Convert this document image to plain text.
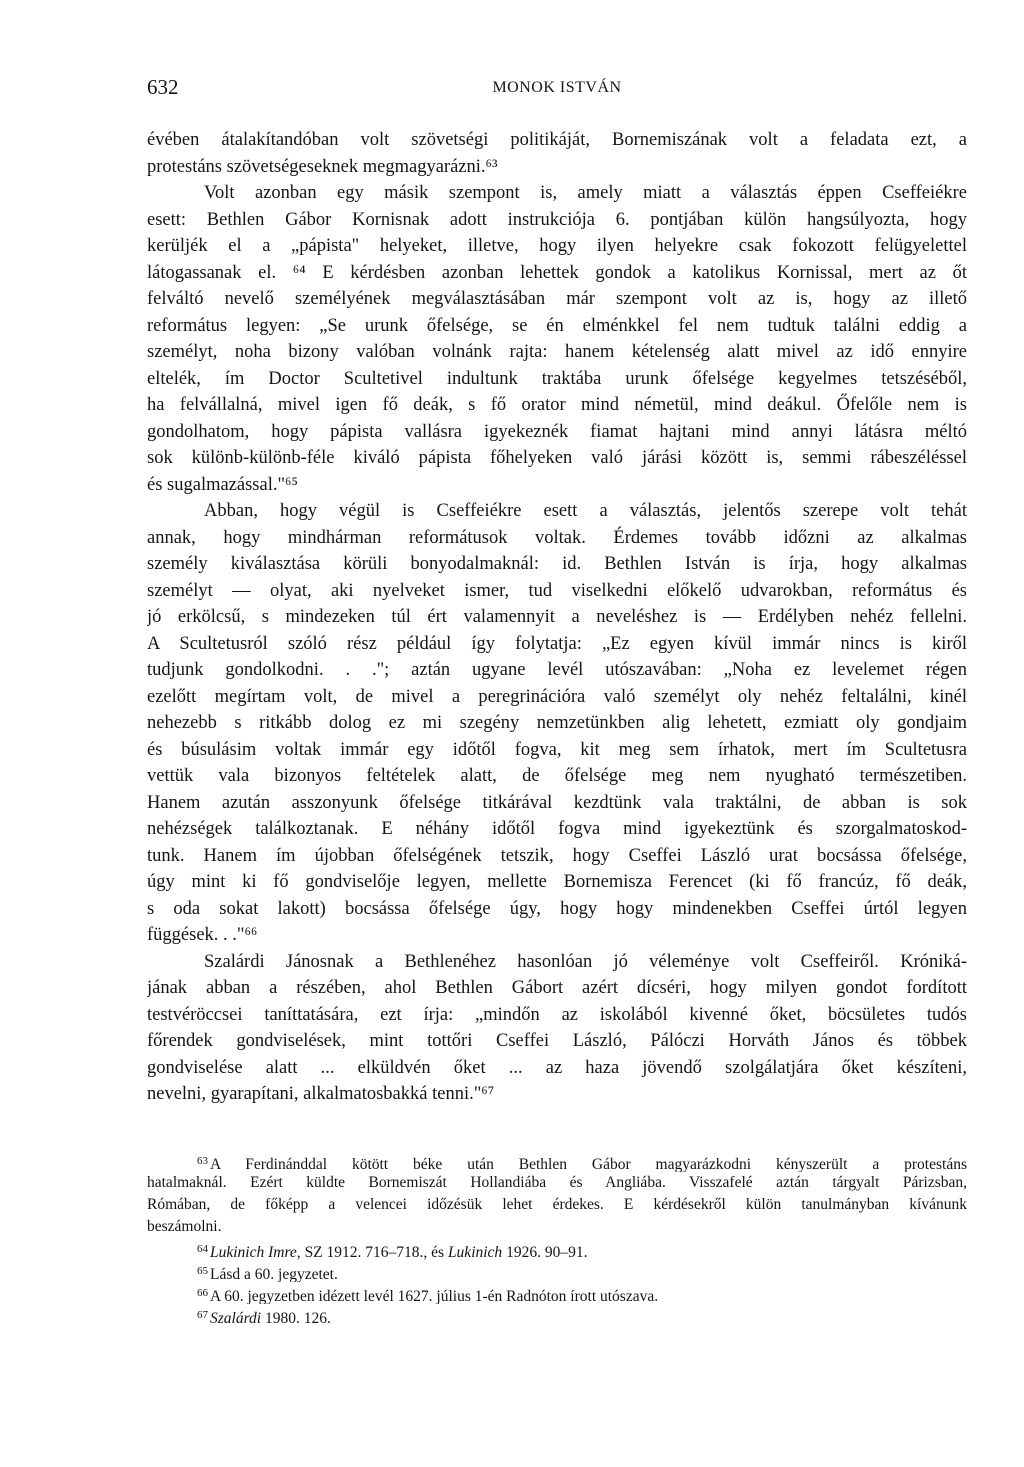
632	MONOK ISTVÁN
évében átalakítandóban volt szövetségi politikáját, Bornemiszának volt a feladata ezt, a
protestáns szövetségeseknek megmagyarázni.⁶³
Volt azonban egy másik szempont is, amely miatt a választás éppen Cseffeiékre
esett: Bethlen Gábor Kornisnak adott instrukciója 6. pontjában külön hangsúlyozta, hogy
kerüljék el a „pápista" helyeket, illetve, hogy ilyen helyekre csak fokozott felügyelettel
látogassanak el. ⁶⁴ E kérdésben azonban lehettek gondok a katolikus Kornissal, mert az őt
felváltó nevelő személyének megválasztásában már szempont volt az is, hogy az illető
református legyen: „Se urunk őfelsége, se én elménkkel fel nem tudtuk találni eddig a
személyt, noha bizony valóban volnánk rajta: hanem kételenség alatt mivel az idő ennyire
eltelék, ím Doctor Scultetivel indultunk traktába urunk őfelsége kegyelmes tetszéséből,
ha felvállalná, mivel igen fő deák, s fő orator mind németül, mind deákul. Őfelőle nem is
gondolhatom, hogy pápista vallásra igyekeznék fiamat hajtani mind annyi látásra méltó
sok különb-különb-féle kiváló pápista főhelyeken való járási között is, semmi rábeszéléssel
és sugalmazással."⁶⁵
Abban, hogy végül is Cseffeiékre esett a választás, jelentős szerepe volt tehát
annak, hogy mindhárman reformátusok voltak. Érdemes tovább időzni az alkalmas
személy kiválasztása körüli bonyodalmaknál: id. Bethlen István is írja, hogy alkalmas
személyt — olyat, aki nyelveket ismer, tud viselkedni előkelő udvarokban, református és
jó erkölcsű, s mindezeken túl ért valamennyit a neveléshez is — Erdélyben nehéz fellelni.
A Scultetusról szóló rész például így folytatja: „Ez egyen kívül immár nincs is kiről
tudjunk gondolkodni. . ."; aztán ugyane levél utószavában: „Noha ez levelemet régen
ezelőtt megírtam volt, de mivel a peregrinációra való személyt oly nehéz feltalálni, kinél
nehezebb s ritkább dolog ez mi szegény nemzetünkben alig lehetett, ezmiatt oly gondjaim
és búsulásim voltak immár egy időtől fogva, kit meg sem írhatok, mert ím Scultetusra
vettük vala bizonyos feltételek alatt, de őfelsége meg nem nyugható természetiben.
Hanem azután asszonyunk őfelsége titkárával kezdtünk vala traktálni, de abban is sok
nehézségek találkoztanak. E néhány időtől fogva mind igyekeztünk és szorgalmatoskod-
tunk. Hanem ím újobban őfelségének tetszik, hogy Cseffei László urat bocsássa őfelsége,
úgy mint ki fő gondviselője legyen, mellette Bornemisza Ferencet (ki fő francúz, fő deák,
s oda sokat lakott) bocsássa őfelsége úgy, hogy hogy mindenekben Cseffei úrtól legyen
függések. . ."⁶⁶
Szalárdi Jánosnak a Bethlenéhez hasonlóan jó véleménye volt Cseffeiről. Króniká-
jának abban a részében, ahol Bethlen Gábort azért dícséri, hogy milyen gondot fordított
testvéröccsei taníttatására, ezt írja: „mindőn az iskolából kivenné őket, böcsületes tudós
főrendek gondviselések, mint tottőri Cseffei László, Pálóczi Horváth János és többek
gondviselése alatt ... elküldvén őket ... az haza jövendő szolgálatjára őket készíteni,
nevelni, gyarapítani, alkalmatosbakká tenni."⁶⁷
$^{63}$ A Ferdinánddal kötött béke után Bethlen Gábor magyarázkodni kényszerült a protestáns
hatalmaknál. Ezért küldte Bornemiszát Hollandiába és Angliába. Visszafelé aztán tárgyalt Párizsban,
Rómában, de főképp a velencei időzésük lehet érdekes. E kérdésekről külön tanulmányban kívánunk
beszámolni.
$^{64}$ Lukinich Imre, SZ 1912. 716–718., és Lukinich 1926. 90–91.
$^{65}$ Lásd a 60. jegyzetet.
$^{66}$ A 60. jegyzetben idézett levél 1627. július 1-én Radnóton írott utószava.
$^{67}$ Szalárdi 1980. 126.
